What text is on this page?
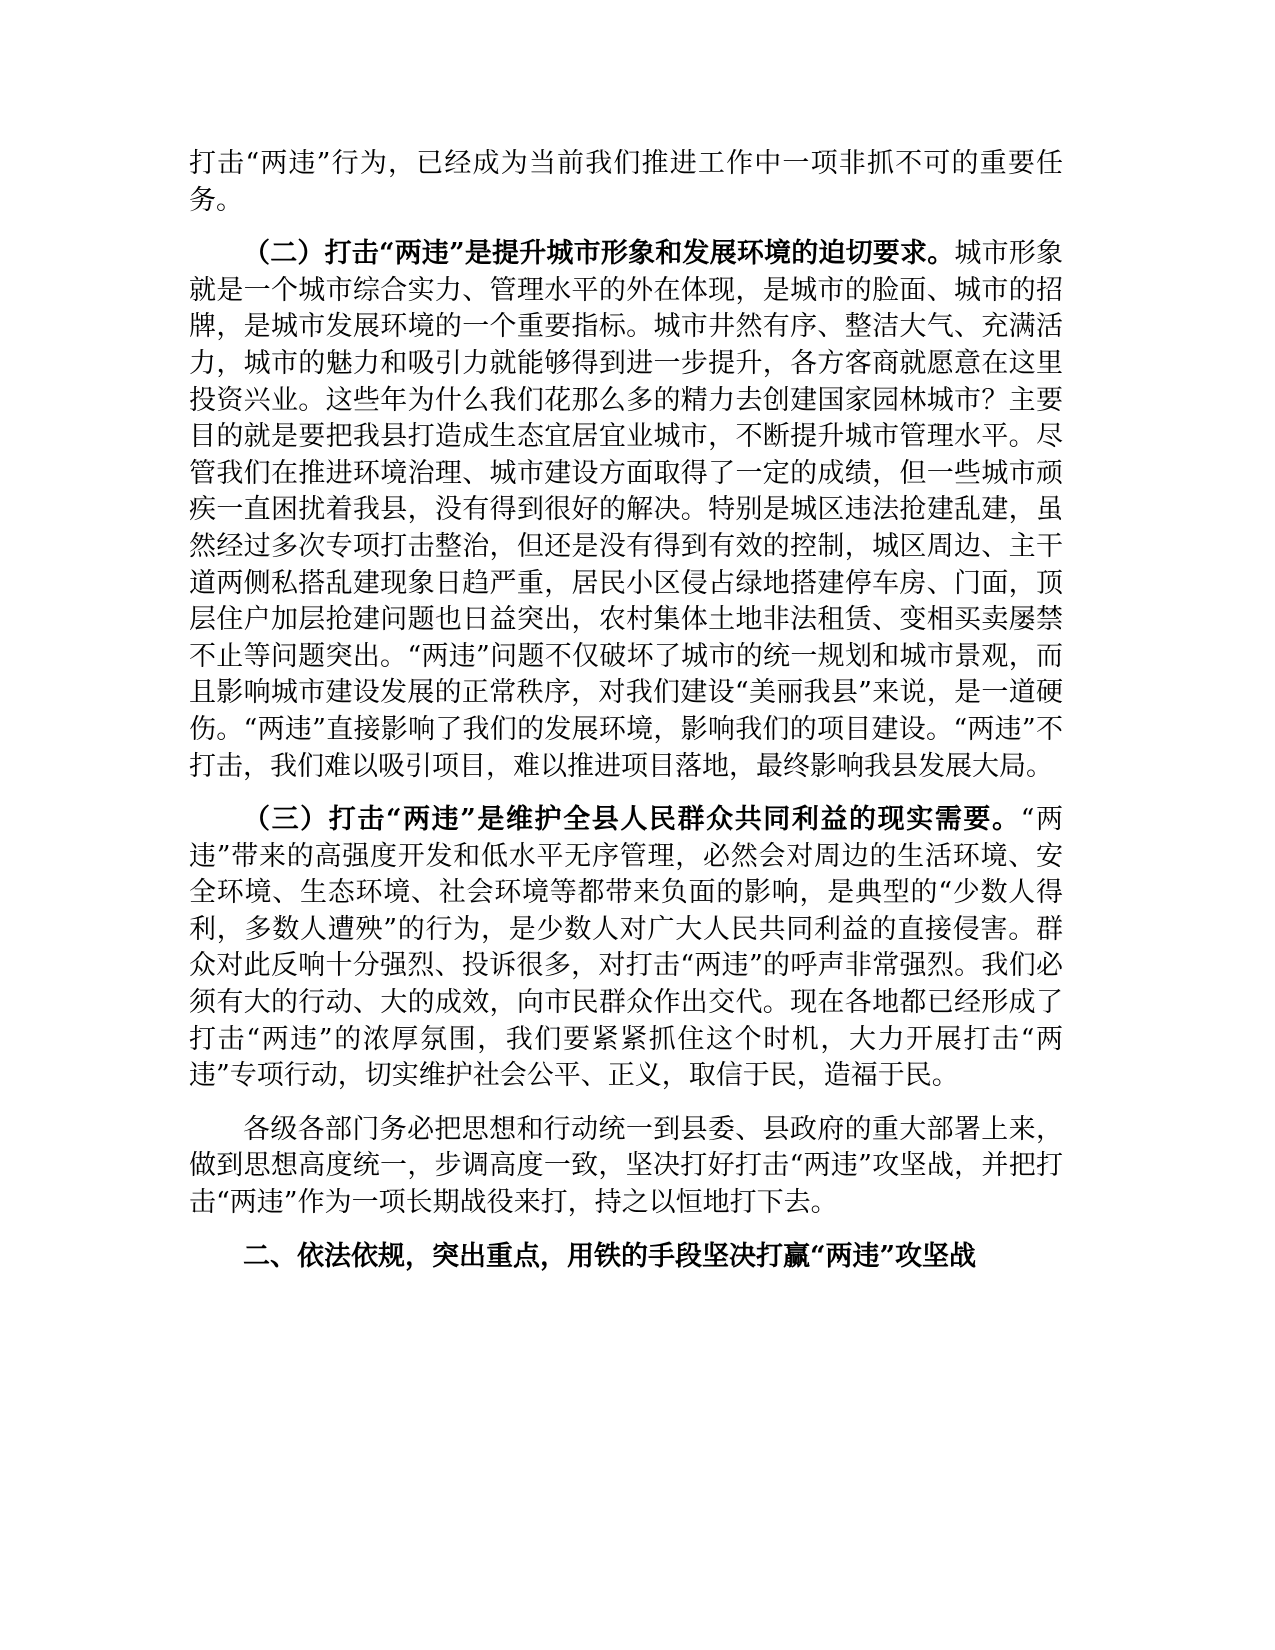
打击“两违”行为，已经成为当前我们推进工作中一项非抓不可的重要任务。

（二）打击“两违”是提升城市形象和发展环境的迫切要求。城市形象就是一个城市综合实力、管理水平的外在体现，是城市的脸面、城市的招牌，是城市发展环境的一个重要指标。城市井然有序、整洁大气、充满活力，城市的魅力和吸引力就能够得到进一步提升，各方客商就愿意在这里投资兴业。这些年为什么我们花那么多的精力去创建国家园林城市？主要目的就是要把我县打造成生态宜居宜业城市，不断提升城市管理水平。尽管我们在推进环境治理、城市建设方面取得了一定的成绩，但一些城市顽疾一直困扰着我县，没有得到很好的解决。特别是城区违法抢建乱建，虽然经过多次专项打击整治，但还是没有得到有效的控制，城区周边、主干道两侧私搭乱建现象日趋严重，居民小区侵占绿地搭建停车房、门面，顶层住户加层抢建问题也日益突出，农村集体土地非法租赁、变相买卖屡禁不止等问题突出。“两违”问题不仅破坏了城市的统一规划和城市景观，而且影响城市建设发展的正常秩序，对我们建设“美丽我县”来说，是一道硬伤。“两违”直接影响了我们的发展环境，影响我们的项目建设。“两违”不打击，我们难以吸引项目，难以推进项目落地，最终影响我县发展大局。

（三）打击“两违”是维护全县人民群众共同利益的现实需要。“两违”带来的高强度开发和低水平无序管理，必然会对周边的生活环境、安全环境、生态环境、社会环境等都带来负面的影响，是典型的“少数人得利，多数人遭殃”的行为，是少数人对广大人民共同利益的直接侵害。群众对此反响十分强烈、投诉很多，对打击“两违”的呼声非常强烈。我们必须有大的行动、大的成效，向市民群众作出交代。现在各地都已经形成了打击“两违”的浓厚氛围，我们要紧紧抓住这个时机，大力开展打击“两违”专项行动，切实维护社会公平、正义，取信于民，造福于民。

各级各部门务必把思想和行动统一到县委、县政府的重大部署上来，做到思想高度统一，步调高度一致，坚决打好打击“两违”攻坚战，并把打击“两违”作为一项长期战役来打，持之以恒地打下去。

二、依法依规，突出重点，用铁的手段坚决打赢“两违”攻坚战
